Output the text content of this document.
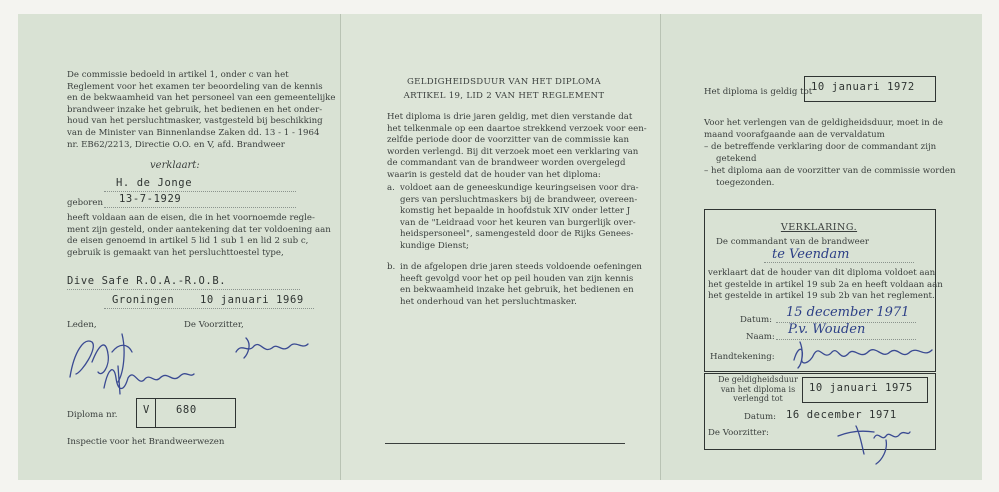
De commissie bedoeld in artikel 1, onder c van het
Reglement voor het examen ter beoordeling van de kennis
en de bekwaamheid van het personeel van een gemeentelijke
brandweer inzake het gebruik, het bedienen en het onder-
houd van het persluchtmasker, vastgesteld bij beschikking
van de Minister van Binnenlandse Zaken dd. 13 - 1 - 1964
nr. EB62/2213, Directie O.O. en V, afd. Brandweer
verklaart:
H. de Jonge
geboren 13-7-1929
heeft voldaan aan de eisen, die in het voornoemde regle-
ment zijn gesteld, onder aantekening dat ter voldoening aan
de eisen genoemd in artikel 5 lid 1 sub 1 en lid 2 sub c,
gebruik is gemaakt van het persluchttoestel type,
Dive Safe R.O.A.-R.O.B.
Groningen 10 januari 1969
Leden,	De Voorzitter,
Diploma nr. V 680
Inspectie voor het Brandweerwezen
GELDIGHEIDSDUUR VAN HET DIPLOMA
ARTIKEL 19, LID 2 VAN HET REGLEMENT
Het diploma is drie jaren geldig, met dien verstande dat
het telkenmale op een daartoe strekkend verzoek voor een-
zelfde periode door de voorzitter van de commissie kan
worden verlengd. Bij dit verzoek moet een verklaring van
de commandant van de brandweer worden overgelegd
waarin is gesteld dat de houder van het diploma:
a. voldoet aan de geneeskundige keuringseisen voor dra-
gers van persluchtmaskers bij de brandweer, overeen-
komstig het bepaalde in hoofdstuk XIV onder letter J
van de "Leidraad voor het keuren van burgerlijk over-
heidspersoneel", samengesteld door de Rijks Genees-
kundige Dienst;
b. in de afgelopen drie jaren steeds voldoende oefeningen
heeft gevolgd voor het op peil houden van zijn kennis
en bekwaamheid inzake het gebruik, het bedienen en
het onderhoud van het persluchtmasker.
Het diploma is geldig tot
10 januari 1972
Voor het verlengen van de geldigheidsduur, moet in de
maand voorafgaande aan de vervaldatum
– de betreffende verklaring door de commandant zijn
getekend
– het diploma aan de voorzitter van de commissie worden
toegezonden.
VERKLARING.
De commandant van de brandweer
te Veendam
verklaart dat de houder van dit diploma voldoet aan
het gestelde in artikel 19 sub 2a en heeft voldaan aan
het gestelde in artikel 19 sub 2b van het reglement.
Datum: 15 december 1971
Naam: P.v. Wouden
Handtekening:
De geldigheidsduur
van het diploma is
verlengd tot
10 januari 1975
Datum: 16 december 1971
De Voorzitter:
